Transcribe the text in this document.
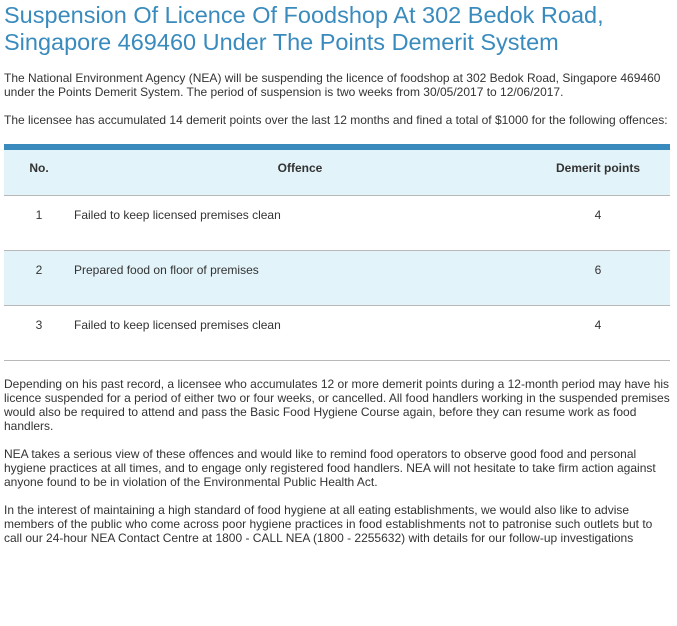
Suspension Of Licence Of Foodshop At 302 Bedok Road, Singapore 469460 Under The Points Demerit System

The National Environment Agency (NEA) will be suspending the licence of foodshop at 302 Bedok Road, Singapore 469460 under the Points Demerit System. The period of suspension is two weeks from 30/05/2017 to 12/06/2017.

The licensee has accumulated 14 demerit points over the last 12 months and fined a total of $1000 for the following offences:

No.	Offence	Demerit points
1	Failed to keep licensed premises clean	4
2	Prepared food on floor of premises	6
3	Failed to keep licensed premises clean	4

Depending on his past record, a licensee who accumulates 12 or more demerit points during a 12-month period may have his licence suspended for a period of either two or four weeks, or cancelled. All food handlers working in the suspended premises would also be required to attend and pass the Basic Food Hygiene Course again, before they can resume work as food handlers.

NEA takes a serious view of these offences and would like to remind food operators to observe good food and personal hygiene practices at all times, and to engage only registered food handlers. NEA will not hesitate to take firm action against anyone found to be in violation of the Environmental Public Health Act.

In the interest of maintaining a high standard of food hygiene at all eating establishments, we would also like to advise members of the public who come across poor hygiene practices in food establishments not to patronise such outlets but to call our 24-hour NEA Contact Centre at 1800 - CALL NEA (1800 - 2255632) with details for our follow-up investigations
